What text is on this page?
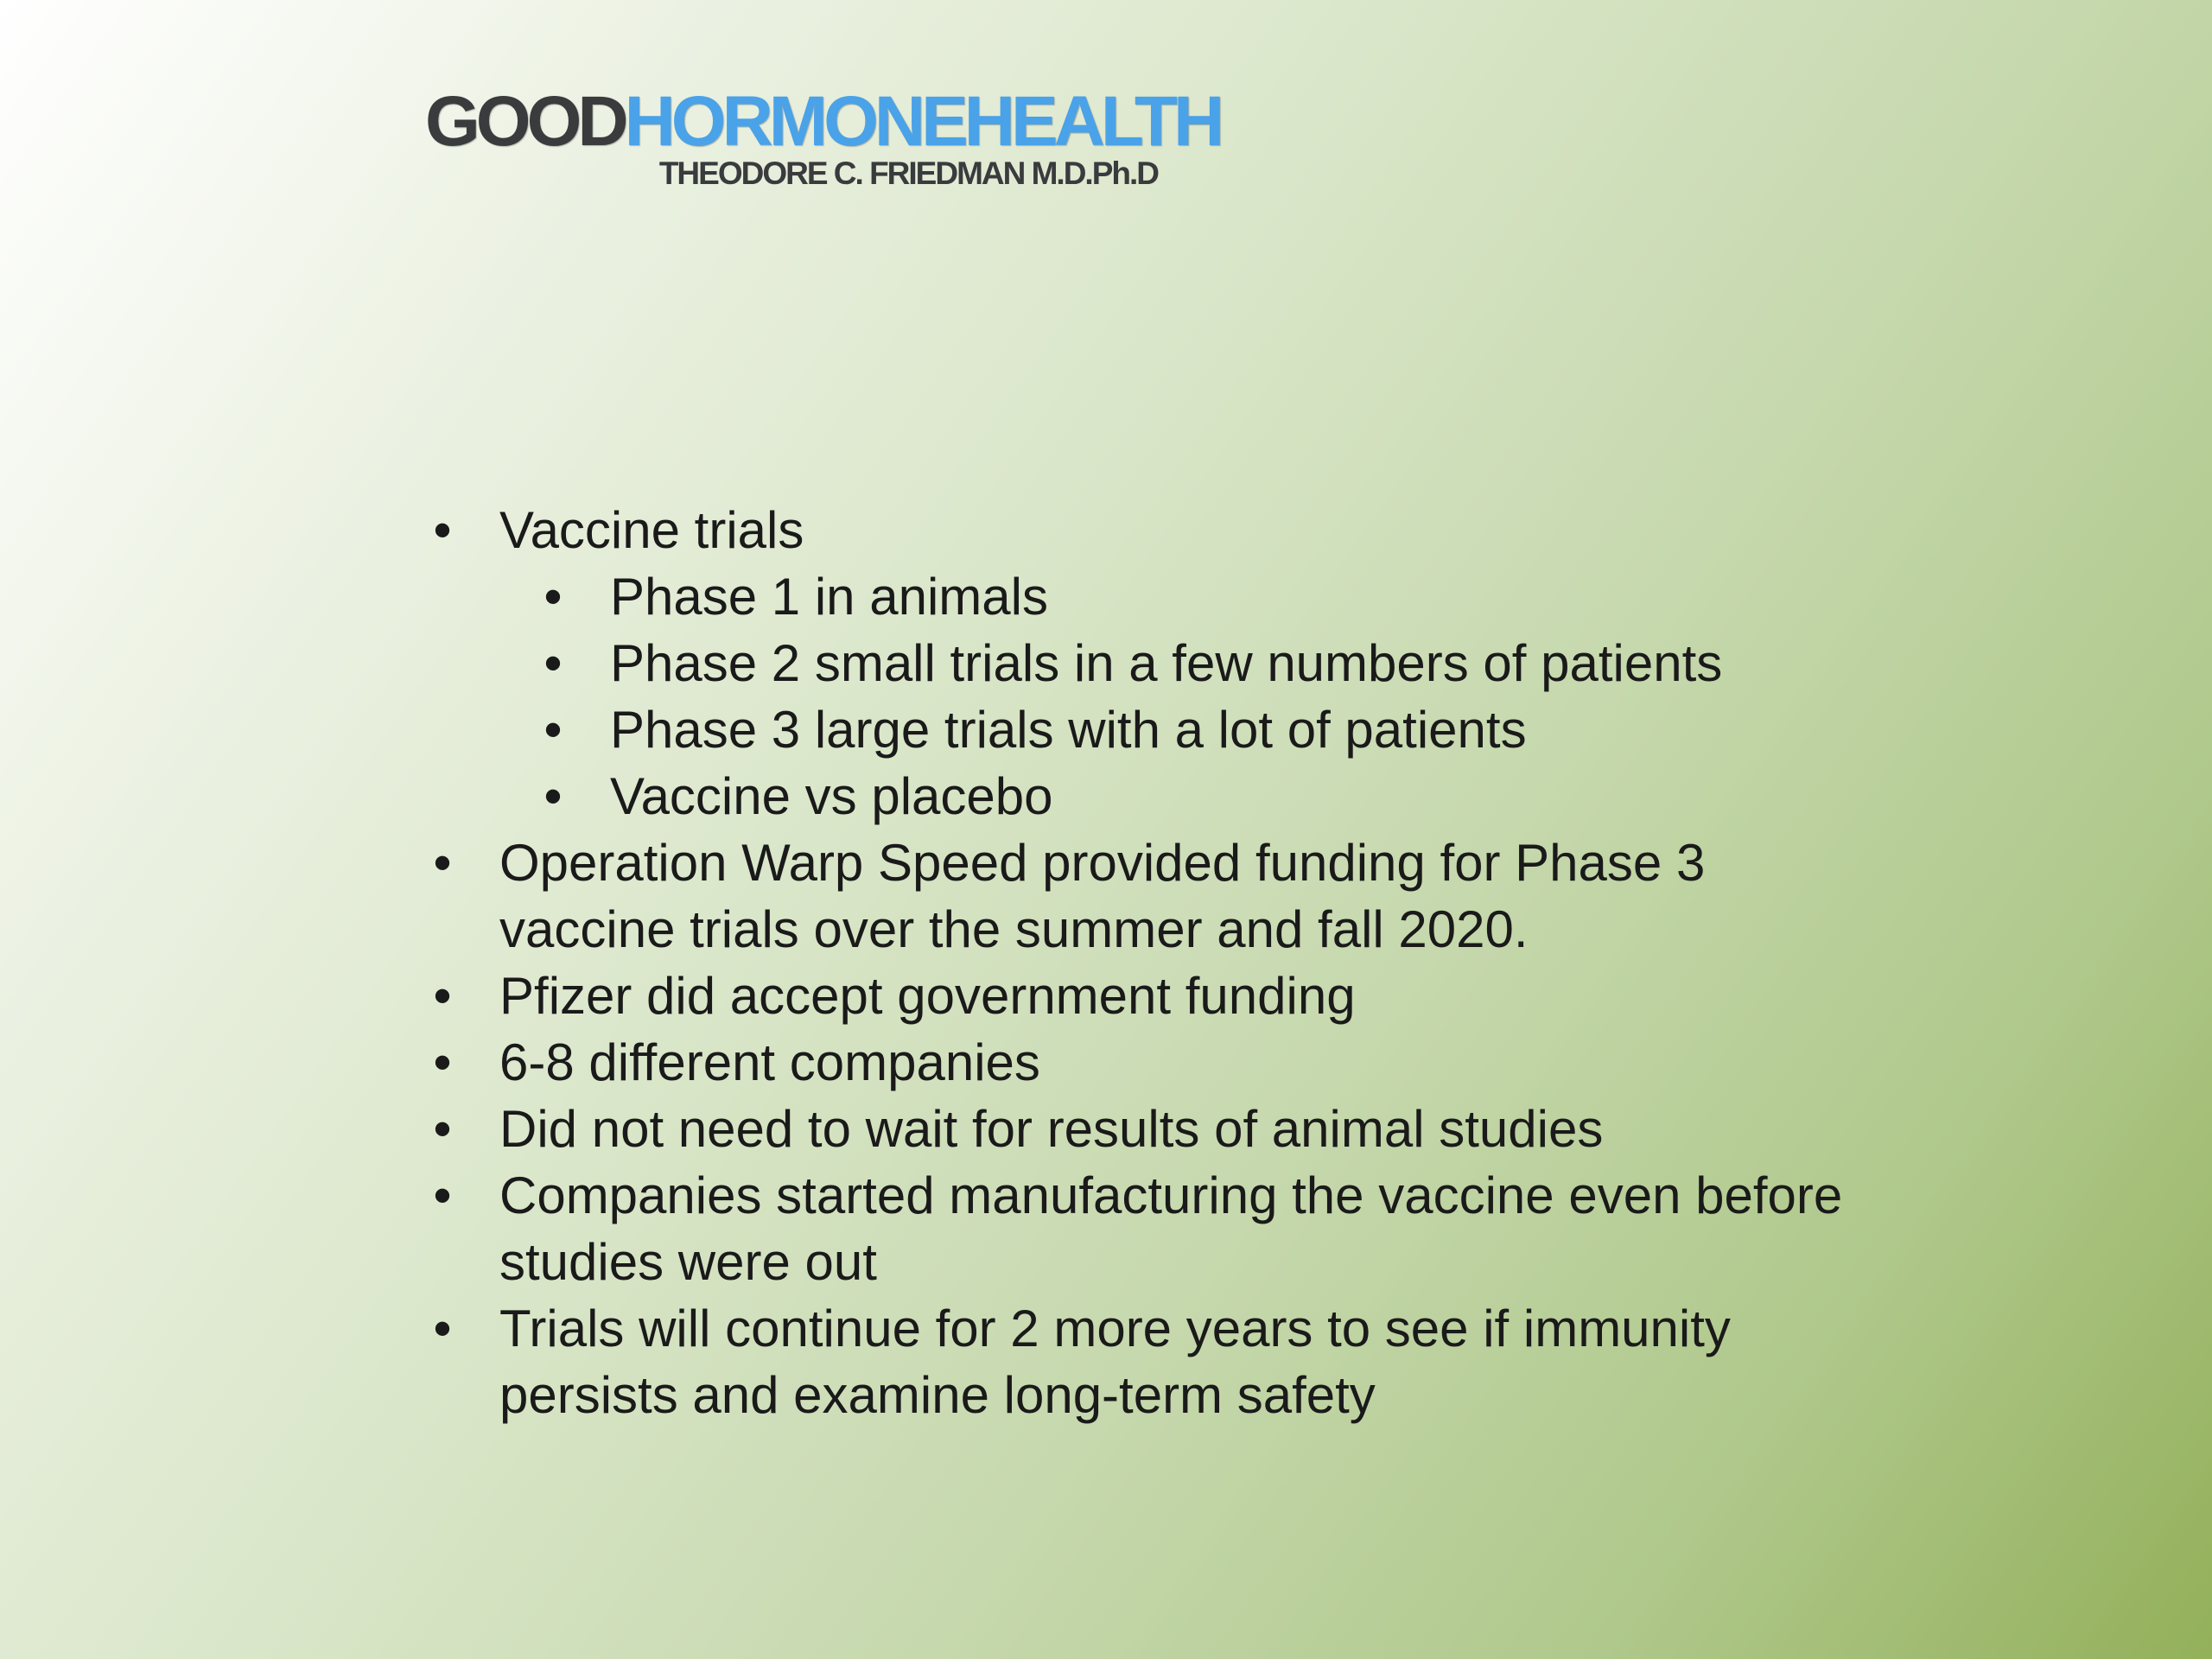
GOODHORMONEHEALTH
THEODORE C. FRIEDMAN M.D.Ph.D
• Vaccine trials
• Phase 1 in animals
• Phase 2 small trials in a few numbers of patients
• Phase 3 large trials with a lot of patients
• Vaccine vs placebo
• Operation Warp Speed provided funding for Phase 3 vaccine trials over the summer and fall 2020.
• Pfizer did accept government funding
• 6-8 different companies
• Did not need to wait for results of animal studies
• Companies started manufacturing the vaccine even before studies were out
• Trials will continue for 2 more years to see if immunity persists and examine long-term safety
